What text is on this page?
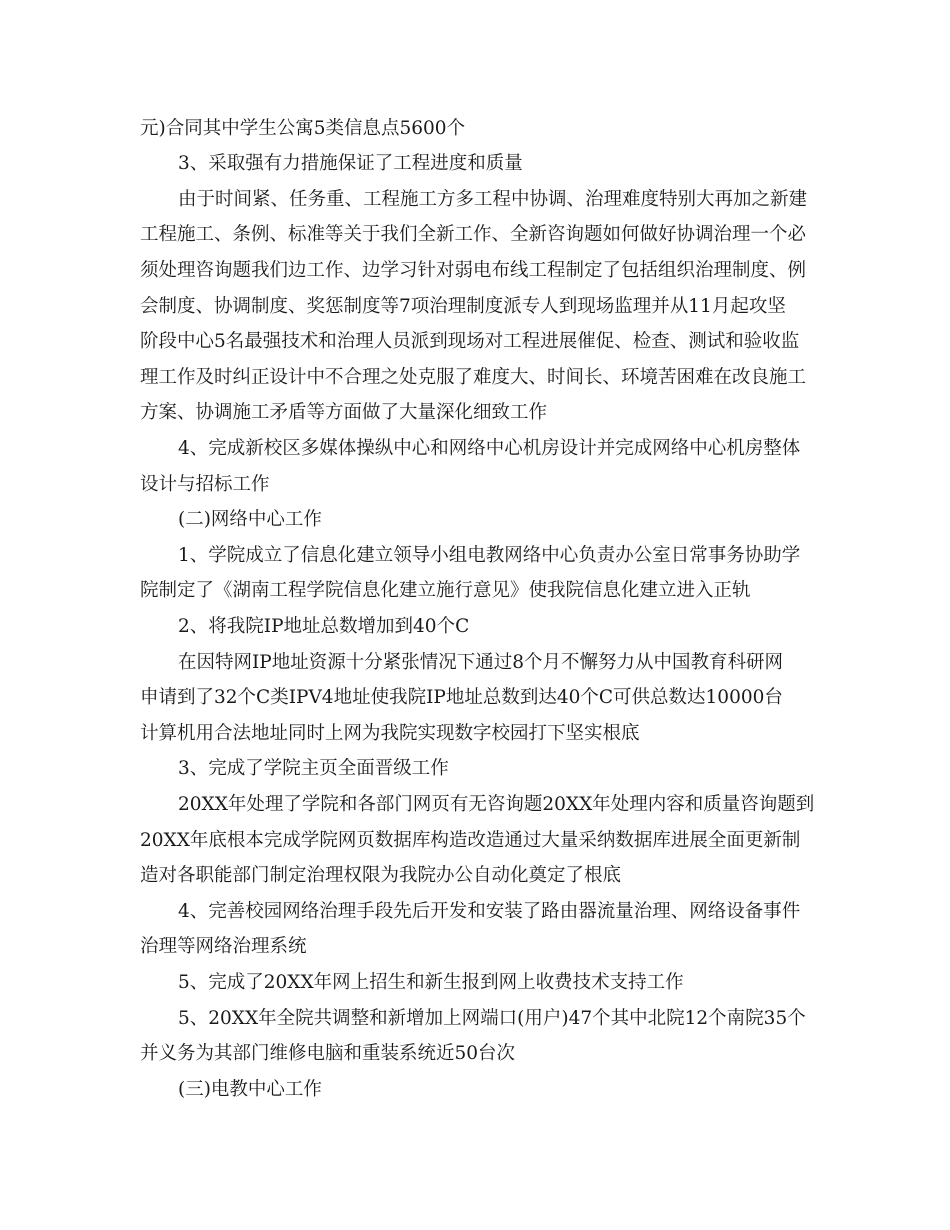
元)合同其中学生公寓5类信息点5600个
3、采取强有力措施保证了工程进度和质量
由于时间紧、任务重、工程施工方多工程中协调、治理难度特别大再加之新建
工程施工、条例、标准等关于我们全新工作、全新咨询题如何做好协调治理一个必
须处理咨询题我们边工作、边学习针对弱电布线工程制定了包括组织治理制度、例
会制度、协调制度、奖惩制度等7项治理制度派专人到现场监理并从11月起攻坚
阶段中心5名最强技术和治理人员派到现场对工程进展催促、检查、测试和验收监
理工作及时纠正设计中不合理之处克服了难度大、时间长、环境苦困难在改良施工
方案、协调施工矛盾等方面做了大量深化细致工作
4、完成新校区多媒体操纵中心和网络中心机房设计并完成网络中心机房整体
设计与招标工作
(二)网络中心工作
1、学院成立了信息化建立领导小组电教网络中心负责办公室日常事务协助学
院制定了《湖南工程学院信息化建立施行意见》使我院信息化建立进入正轨
2、将我院IP地址总数增加到40个C
在因特网IP地址资源十分紧张情况下通过8个月不懈努力从中国教育科研网
申请到了32个C类IPV4地址使我院IP地址总数到达40个C可供总数达10000台
计算机用合法地址同时上网为我院实现数字校园打下坚实根底
3、完成了学院主页全面晋级工作
20XX年处理了学院和各部门网页有无咨询题20XX年处理内容和质量咨询题到
20XX年底根本完成学院网页数据库构造改造通过大量采纳数据库进展全面更新制
造对各职能部门制定治理权限为我院办公自动化奠定了根底
4、完善校园网络治理手段先后开发和安装了路由器流量治理、网络设备事件
治理等网络治理系统
5、完成了20XX年网上招生和新生报到网上收费技术支持工作
5、20XX年全院共调整和新增加上网端口(用户)47个其中北院12个南院35个
并义务为其部门维修电脑和重装系统近50台次
(三)电教中心工作
